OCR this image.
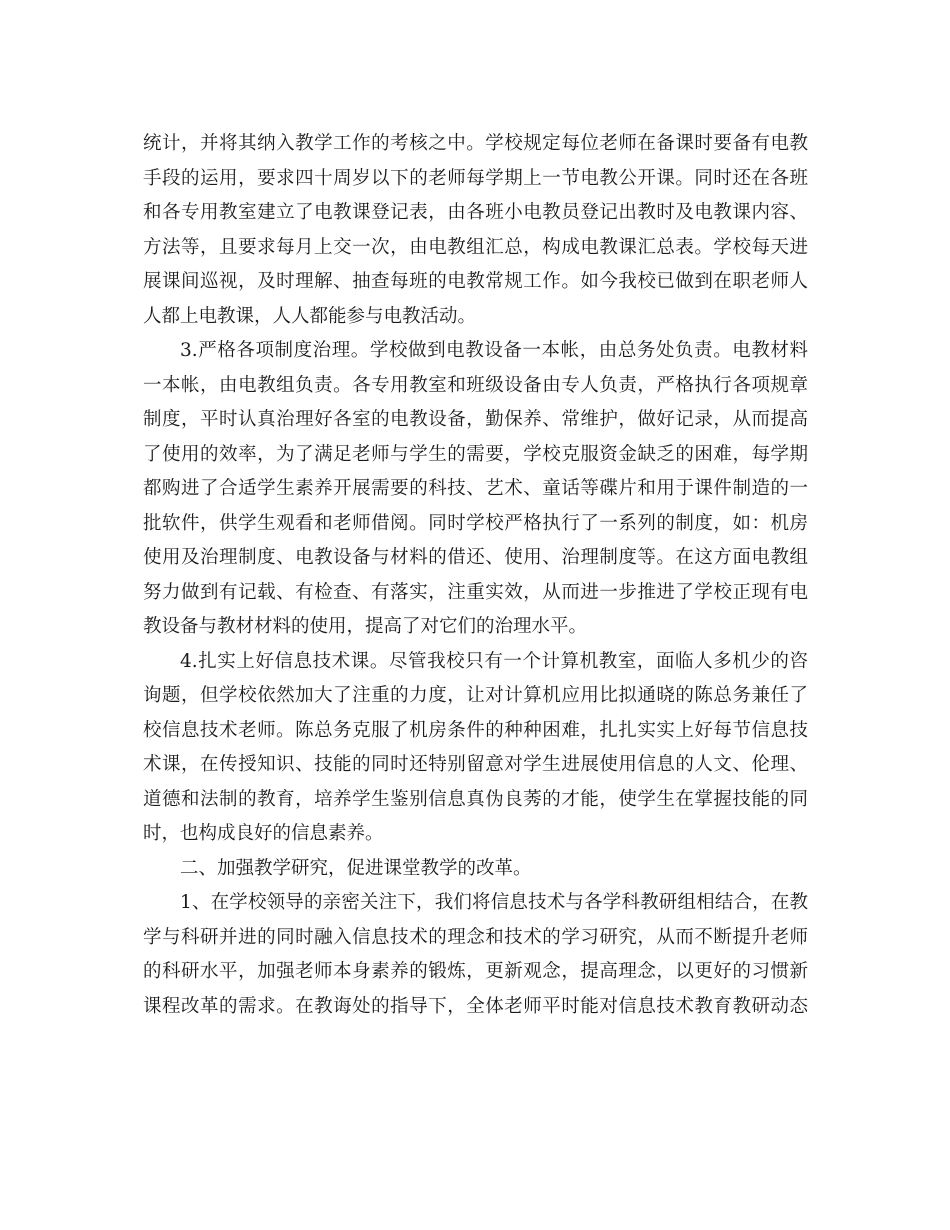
统计，并将其纳入教学工作的考核之中。学校规定每位老师在备课时要备有电教
手段的运用，要求四十周岁以下的老师每学期上一节电教公开课。同时还在各班
和各专用教室建立了电教课登记表，由各班小电教员登记出教时及电教课内容、
方法等，且要求每月上交一次，由电教组汇总，构成电教课汇总表。学校每天进
展课间巡视，及时理解、抽查每班的电教常规工作。如今我校已做到在职老师人
人都上电教课，人人都能参与电教活动。
3.严格各项制度治理。学校做到电教设备一本帐，由总务处负责。电教材料
一本帐，由电教组负责。各专用教室和班级设备由专人负责，严格执行各项规章
制度，平时认真治理好各室的电教设备，勤保养、常维护，做好记录，从而提高
了使用的效率，为了满足老师与学生的需要，学校克服资金缺乏的困难，每学期
都购进了合适学生素养开展需要的科技、艺术、童话等碟片和用于课件制造的一
批软件，供学生观看和老师借阅。同时学校严格执行了一系列的制度，如：机房
使用及治理制度、电教设备与材料的借还、使用、治理制度等。在这方面电教组
努力做到有记载、有检查、有落实，注重实效，从而进一步推进了学校正现有电
教设备与教材材料的使用，提高了对它们的治理水平。
4.扎实上好信息技术课。尽管我校只有一个计算机教室，面临人多机少的咨
询题，但学校依然加大了注重的力度，让对计算机应用比拟通晓的陈总务兼任了
校信息技术老师。陈总务克服了机房条件的种种困难，扎扎实实上好每节信息技
术课，在传授知识、技能的同时还特别留意对学生进展使用信息的人文、伦理、
道德和法制的教育，培养学生鉴别信息真伪良莠的才能，使学生在掌握技能的同
时，也构成良好的信息素养。
二、加强教学研究，促进课堂教学的改革。
1、在学校领导的亲密关注下，我们将信息技术与各学科教研组相结合，在教
学与科研并进的同时融入信息技术的理念和技术的学习研究，从而不断提升老师
的科研水平，加强老师本身素养的锻炼，更新观念，提高理念，以更好的习惯新
课程改革的需求。在教诲处的指导下，全体老师平时能对信息技术教育教研动态
